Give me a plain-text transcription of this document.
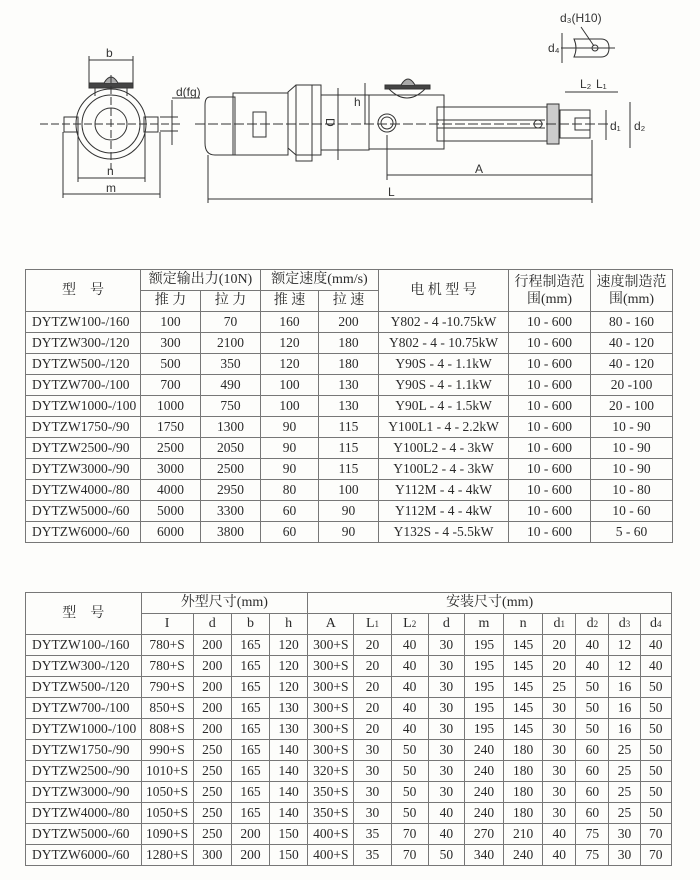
b
d(fg)
n
m
D
h
A
L
d₃(H10)
d₄
L₂ L₁
d₁ d₂
型　号	额定输出力(10N)		额定速度(mm/s)		电 机 型 号	行程制造范围(mm)	速度制造范围(mm)
	推 力	拉 力	推 速	拉 速			
DYTZW100-/160	100	70	160	200	Y802 - 4 -10.75kW	10 - 600	80 - 160
DYTZW300-/120	300	2100	120	180	Y802 - 4 - 10.75kW	10 - 600	40 - 120
DYTZW500-/120	500	350	120	180	Y90S - 4 - 1.1kW	10 - 600	40 - 120
DYTZW700-/100	700	490	100	130	Y90S - 4 - 1.1kW	10 - 600	20 -100
DYTZW1000-/100	1000	750	100	130	Y90L - 4 - 1.5kW	10 - 600	20 - 100
DYTZW1750-/90	1750	1300	90	115	Y100L1 - 4 - 2.2kW	10 - 600	10 - 90
DYTZW2500-/90	2500	2050	90	115	Y100L2 - 4 - 3kW	10 - 600	10 - 90
DYTZW3000-/90	3000	2500	90	115	Y100L2 - 4 - 3kW	10 - 600	10 - 90
DYTZW4000-/80	4000	2950	80	100	Y112M - 4 - 4kW	10 - 600	10 - 80
DYTZW5000-/60	5000	3300	60	90	Y112M - 4 - 4kW	10 - 600	10 - 60
DYTZW6000-/60	6000	3800	60	90	Y132S - 4 -5.5kW	10 - 600	5 - 60
型　号	外型尺寸(mm)				安装尺寸(mm)									
	I	d	b	h	A	L1	L2	d	m	n	d1	d2	d3	d4
DYTZW100-/160	780+S	200	165	120	300+S	20	40	30	195	145	20	40	12	40
DYTZW300-/120	780+S	200	165	120	300+S	20	40	30	195	145	20	40	12	40
DYTZW500-/120	790+S	200	165	120	300+S	20	40	30	195	145	25	50	16	50
DYTZW700-/100	850+S	200	165	130	300+S	20	40	30	195	145	30	50	16	50
DYTZW1000-/100	808+S	200	165	130	300+S	20	40	30	195	145	30	50	16	50
DYTZW1750-/90	990+S	250	165	140	300+S	30	50	30	240	180	30	60	25	50
DYTZW2500-/90	1010+S	250	165	140	320+S	30	50	30	240	180	30	60	25	50
DYTZW3000-/90	1050+S	250	165	140	350+S	30	50	30	240	180	30	60	25	50
DYTZW4000-/80	1050+S	250	165	140	350+S	30	50	40	240	180	30	60	25	50
DYTZW5000-/60	1090+S	250	200	150	400+S	35	70	40	270	210	40	75	30	70
DYTZW6000-/60	1280+S	300	200	150	400+S	35	70	50	340	240	40	75	30	70
